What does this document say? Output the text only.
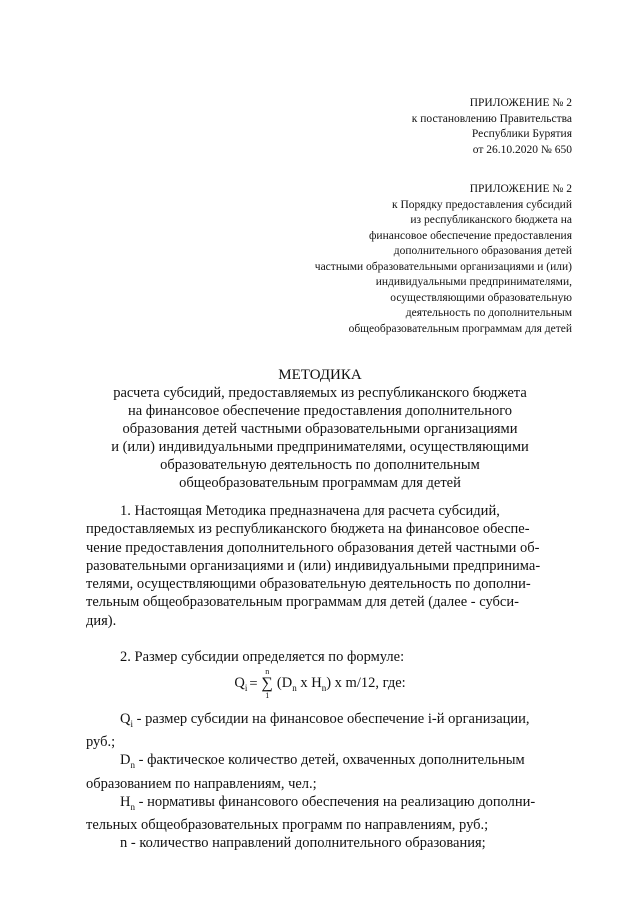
ПРИЛОЖЕНИЕ № 2
к постановлению Правительства
Республики Бурятия
от 26.10.2020 № 650
ПРИЛОЖЕНИЕ № 2
к Порядку предоставления субсидий
из республиканского бюджета на
финансовое обеспечение предоставления
дополнительного образования детей
частными образовательными организациями и (или)
индивидуальными предпринимателями,
осуществляющими образовательную
деятельность по дополнительным
общеобразовательным программам для детей
МЕТОДИКА
расчета субсидий, предоставляемых из республиканского бюджета
на финансовое обеспечение предоставления дополнительного
образования детей частными образовательными организациями
и (или) индивидуальными предпринимателями, осуществляющими
образовательную деятельность по дополнительным
общеобразовательным программам для детей
1. Настоящая Методика предназначена для расчета субсидий,
предоставляемых из республиканского бюджета на финансовое обеспе-
чение предоставления дополнительного образования детей частными об-
разовательными организациями и (или) индивидуальными предпринима-
телями, осуществляющими образовательную деятельность по дополни-
тельным общеобразовательным программам для детей (далее - субси-
дия).
2. Размер субсидии определяется по формуле:
$Q_i$ =
n
∑
1
($D_n$ х $H_n$) х m/12, где:
$Q_i$ - размер субсидии на финансовое обеспечение i-й организации,
руб.;
$D_n$ - фактическое количество детей, охваченных дополнительным
образованием по направлениям, чел.;
$H_n$ - нормативы финансового обеспечения на реализацию дополни-
тельных общеобразовательных программ по направлениям, руб.;
n - количество направлений дополнительного образования;
